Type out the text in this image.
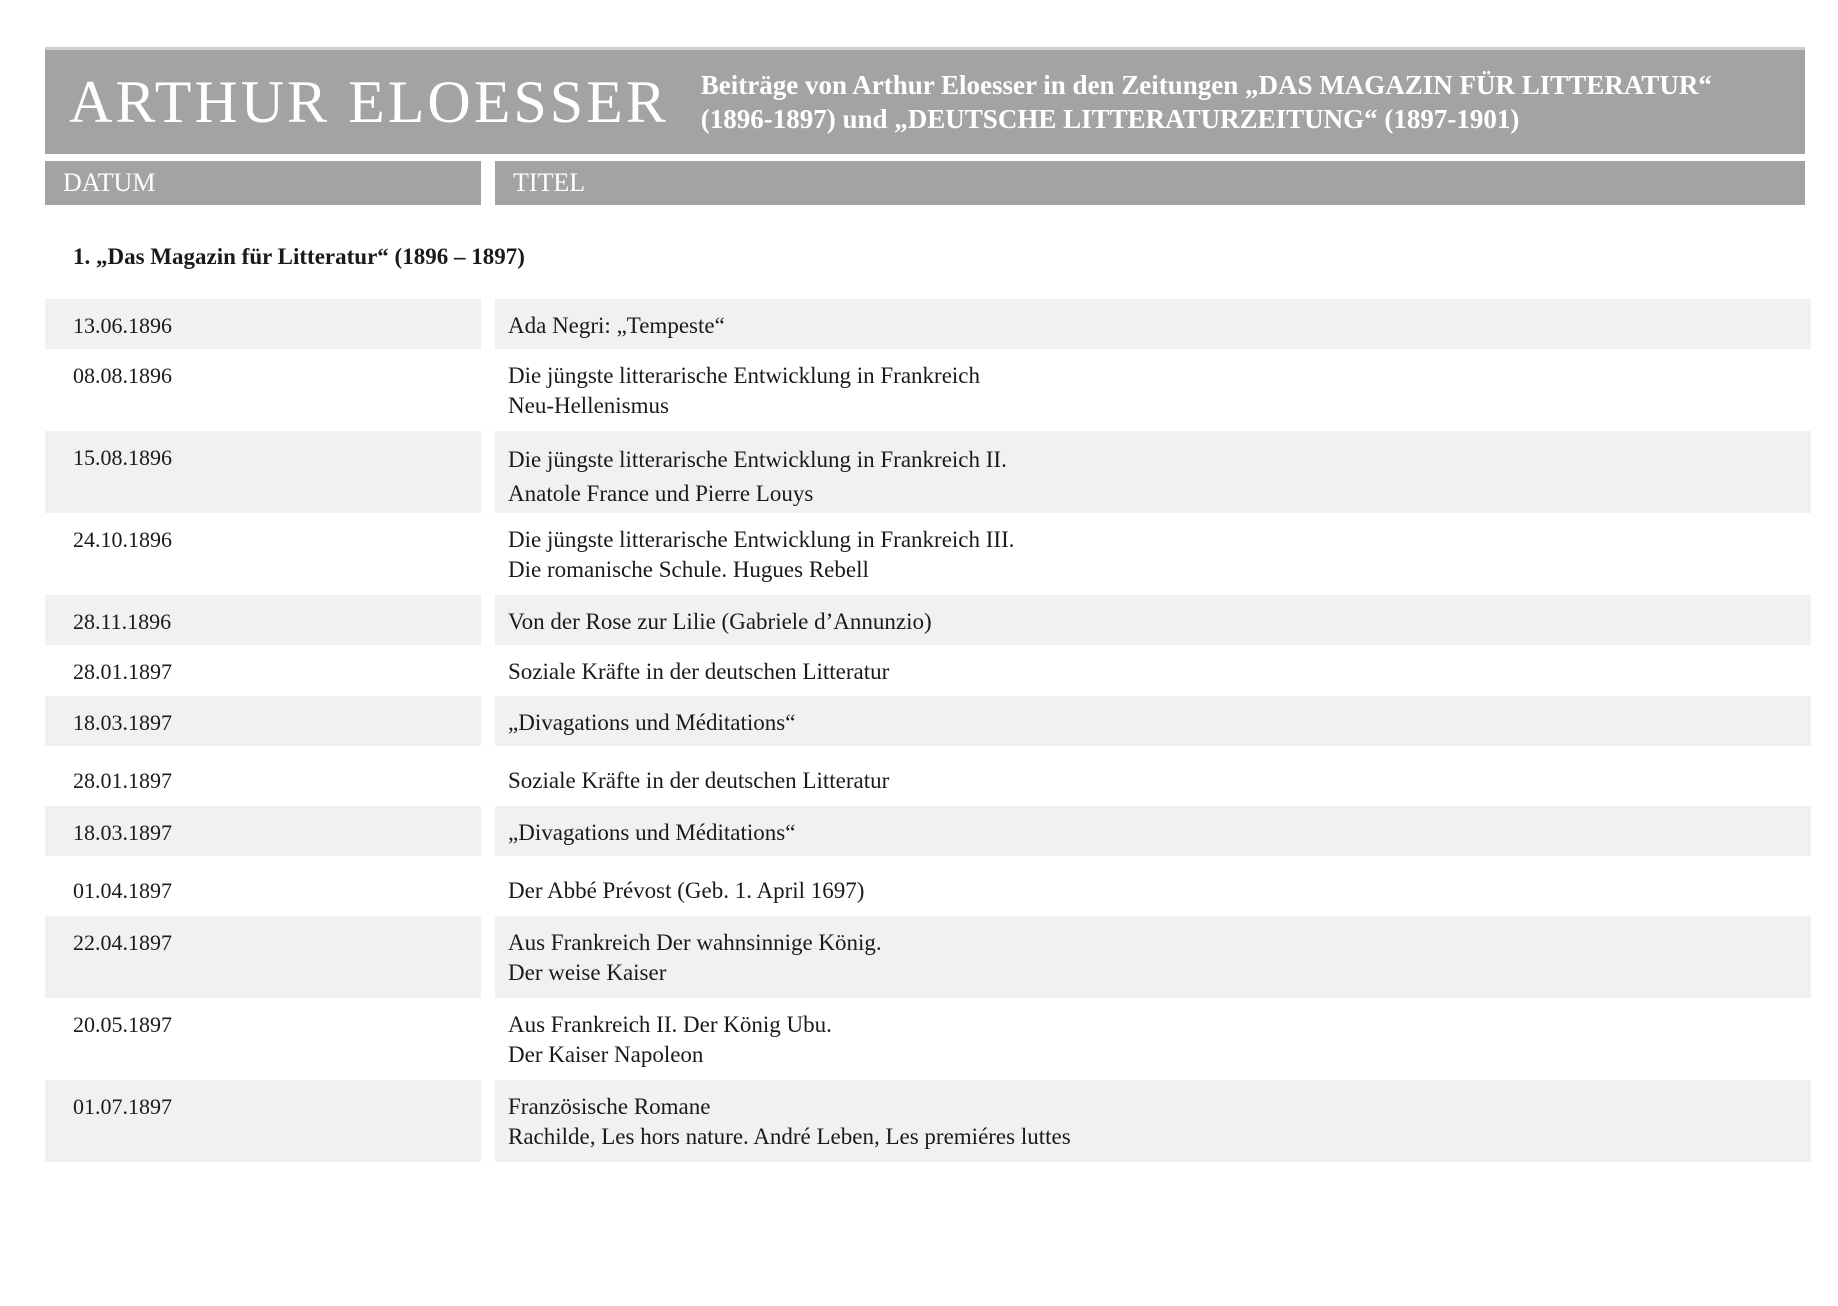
ARTHUR ELOESSER Beiträge von Arthur Eloesser in den Zeitungen „DAS MAGAZIN FÜR LITTERATUR“
(1896-1897) und „DEUTSCHE LITTERATURZEITUNG“ (1897-1901)
DATUM	TITEL
1. „Das Magazin für Litteratur“ (1896 – 1897)
13.06.1896	Ada Negri: „Tempeste“
08.08.1896	Die jüngste litterarische Entwicklung in Frankreich
Neu-Hellenismus
15.08.1896	Die jüngste litterarische Entwicklung in Frankreich II.
Anatole France und Pierre Louys
24.10.1896	Die jüngste litterarische Entwicklung in Frankreich III.
Die romanische Schule. Hugues Rebell
28.11.1896	Von der Rose zur Lilie (Gabriele d’Annunzio)
28.01.1897	Soziale Kräfte in der deutschen Litteratur
18.03.1897	„Divagations und Méditations“
28.01.1897	Soziale Kräfte in der deutschen Litteratur
18.03.1897	„Divagations und Méditations“
01.04.1897	Der Abbé Prévost (Geb. 1. April 1697)
22.04.1897	Aus Frankreich Der wahnsinnige König.
Der weise Kaiser
20.05.1897	Aus Frankreich II. Der König Ubu.
Der Kaiser Napoleon
01.07.1897	Französische Romane
Rachilde, Les hors nature. André Leben, Les premiéres luttes
